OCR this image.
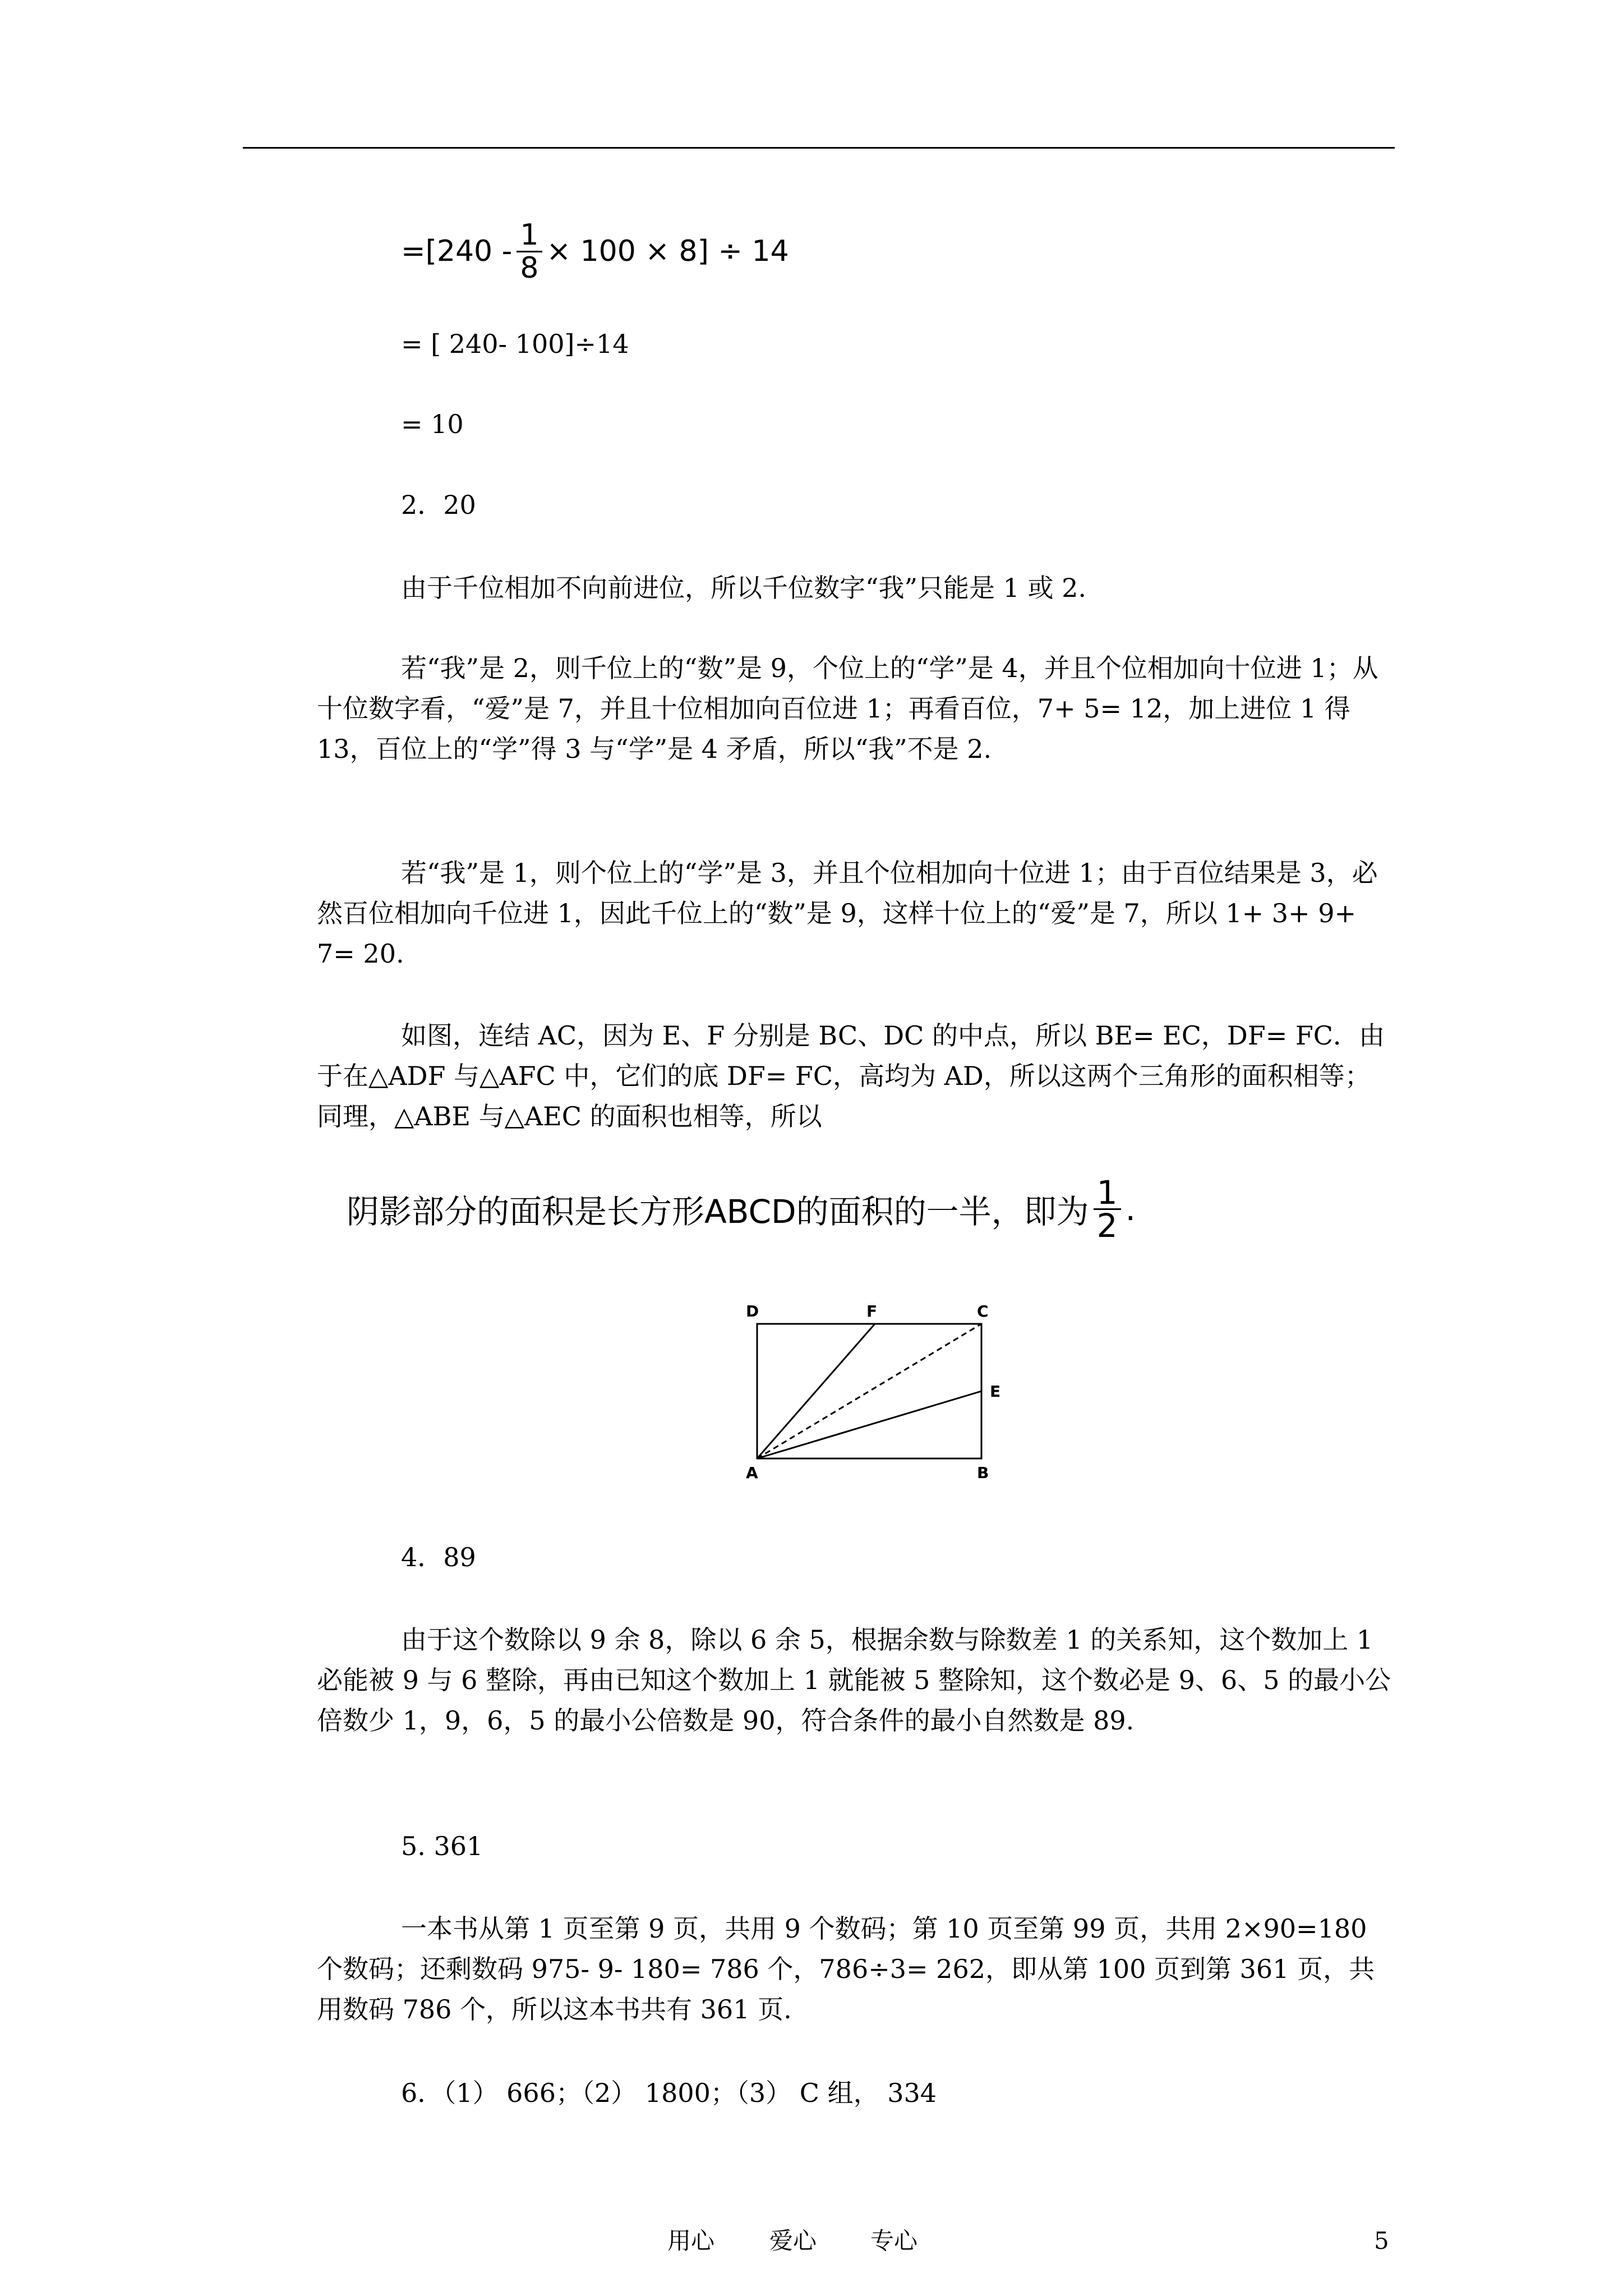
$=[240 - \frac{1}{8} \times 100 \times 8] \div 14$
= [ 240- 100]÷14
= 10
2．20
由于千位相加不向前进位，所以千位数字“我”只能是 1 或 2.
若“我”是 2，则千位上的“数”是 9，个位上的“学”是 4，并且个位相加向十位进 1；从十位数字看，“爱”是 7，并且十位相加向百位进 1；再看百位，7+ 5= 12，加上进位 1 得 13，百位上的“学”得 3 与“学”是 4 矛盾，所以“我”不是 2.
若“我”是 1，则个位上的“学”是 3，并且个位相加向十位进 1；由于百位结果是 3，必然百位相加向千位进 1，因此千位上的“数”是 9，这样十位上的“爱”是 7，所以 1+ 3+ 9+ 7= 20.
如图，连结 AC，因为 E、F 分别是 BC、DC 的中点，所以 BE= EC，DF= FC．由于在△ADF 与△AFC 中，它们的底 DF= FC，高均为 AD，所以这两个三角形的面积相等；同理，△ABE 与△AEC 的面积也相等，所以
阴影部分的面积是长方形ABCD的面积的一半，即为 $\frac{1}{2}$ .
D	F	C
E
A	B
4．89
由于这个数除以 9 余 8，除以 6 余 5，根据余数与除数差 1 的关系知，这个数加上 1 必能被 9 与 6 整除，再由已知这个数加上 1 就能被 5 整除知，这个数必是 9、6、5 的最小公倍数少 1，9，6，5 的最小公倍数是 90，符合条件的最小自然数是 89.
5. 361
一本书从第 1 页至第 9 页，共用 9 个数码；第 10 页至第 99 页，共用 2×90=180 个数码；还剩数码 975- 9- 180= 786 个，786÷3= 262，即从第 100 页到第 361 页，共用数码 786 个，所以这本书共有 361 页.
6．（1） 666；（2） 1800；（3） C 组， 334
用心 爱心 专心	5
